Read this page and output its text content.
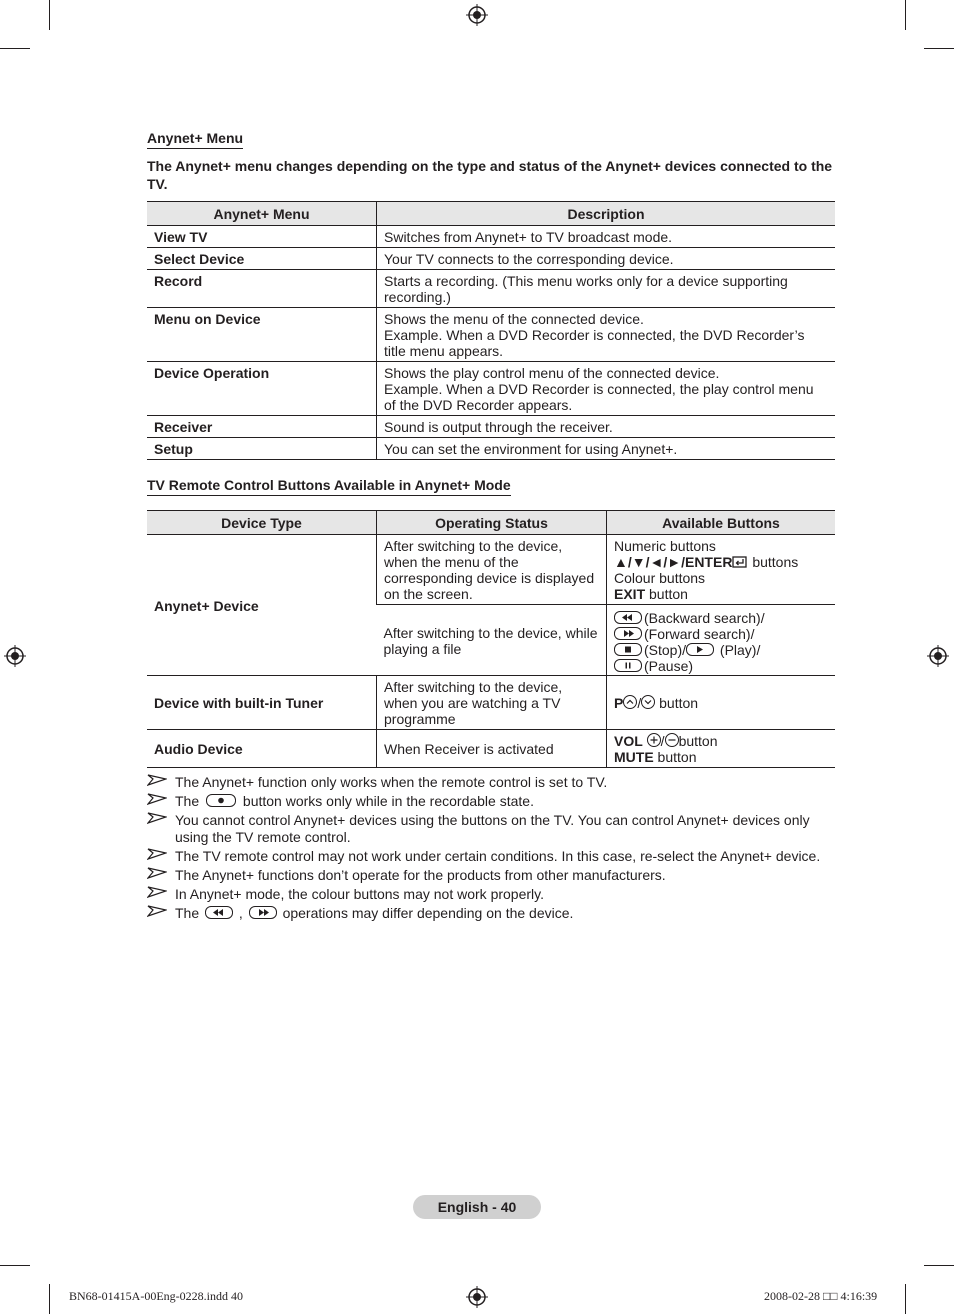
Anynet+ Menu
The Anynet+ menu changes depending on the type and status of the Anynet+ devices connected to the TV.
Anynet+ Menu	Description
View TV	Switches from Anynet+ to TV broadcast mode.
Select Device	Your TV connects to the corresponding device.
Record	Starts a recording. (This menu works only for a device supporting recording.)
Menu on Device	Shows the menu of the connected device.
Example. When a DVD Recorder is connected, the DVD Recorder’s title menu appears.

Device Operation	Shows the play control menu of the connected device.
Example. When a DVD Recorder is connected, the play control menu of the DVD Recorder appears.

Receiver	Sound is output through the receiver.
Setup	You can set the environment for using Anynet+.
TV Remote Control Buttons Available in Anynet+ Mode
Device Type	Operating Status	Available Buttons
Anynet+ Device	After switching to the device, when the menu of the corresponding device is displayed on the screen.	Numeric buttons
▲/▼/◄/►/ENTER buttons
Colour buttons
EXIT button

	After switching to the device, while playing a file	(Backward search)/
(Forward search)/
(Stop)/
(Play)/
(Pause)

Device with built-in Tuner	After switching to the device, when you are watching a TV programme	P /
button
Audio Device	When Receiver is activated	VOL / button
MUTE button
The Anynet+ function only works when the remote control is set to TV.
The	button works only while in the recordable state.
You cannot control Anynet+ devices using the buttons on the TV. You can control Anynet+ devices only using the TV remote control.
The TV remote control may not work under certain conditions. In this case, re-select the Anynet+ device.
The Anynet+ functions don’t operate for the products from other manufacturers.
In Anynet+ mode, the colour buttons may not work properly.
The	,	operations may differ depending on the device.
English - 40
BN68-01415A-00Eng-0228.indd 40	2008-02-28 □□ 4:16:39
